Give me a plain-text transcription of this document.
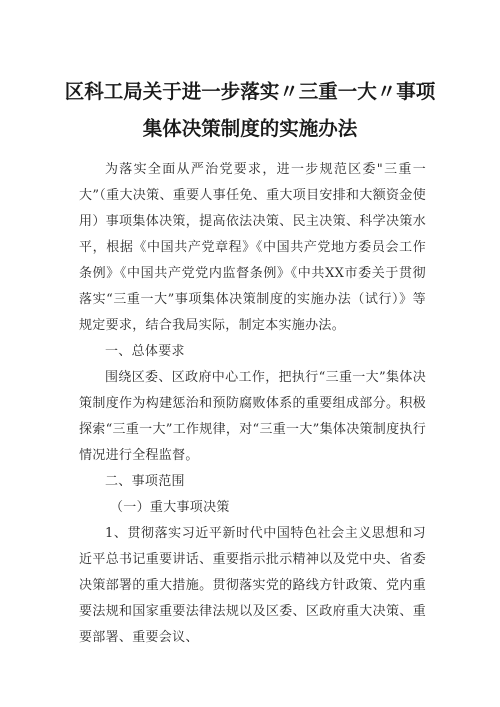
区科工局关于进一步落实〃三重一大〃事项
集体决策制度的实施办法

为落实全面从严治党要求，进一步规范区委"三重一大”（重大决策、重要人事任免、重大项目安排和大额资金使用）事项集体决策，提高依法决策、民主决策、科学决策水平，根据《中国共产党章程》《中国共产党地方委员会工作条例》《中国共产党党内监督条例》《中共XX市委关于贯彻落实“三重一大”事项集体决策制度的实施办法（试行）》等规定要求，结合我局实际，制定本实施办法。

一、总体要求

围绕区委、区政府中心工作，把执行“三重一大”集体决策制度作为构建惩治和预防腐败体系的重要组成部分。积极探索“三重一大”工作规律，对“三重一大”集体决策制度执行情况进行全程监督。

二、事项范围

（一）重大事项决策

1、贯彻落实习近平新时代中国特色社会主义思想和习近平总书记重要讲话、重要指示批示精神以及党中央、省委决策部署的重大措施。贯彻落实党的路线方针政策、党内重要法规和国家重要法律法规以及区委、区政府重大决策、重要部署、重要会议、
